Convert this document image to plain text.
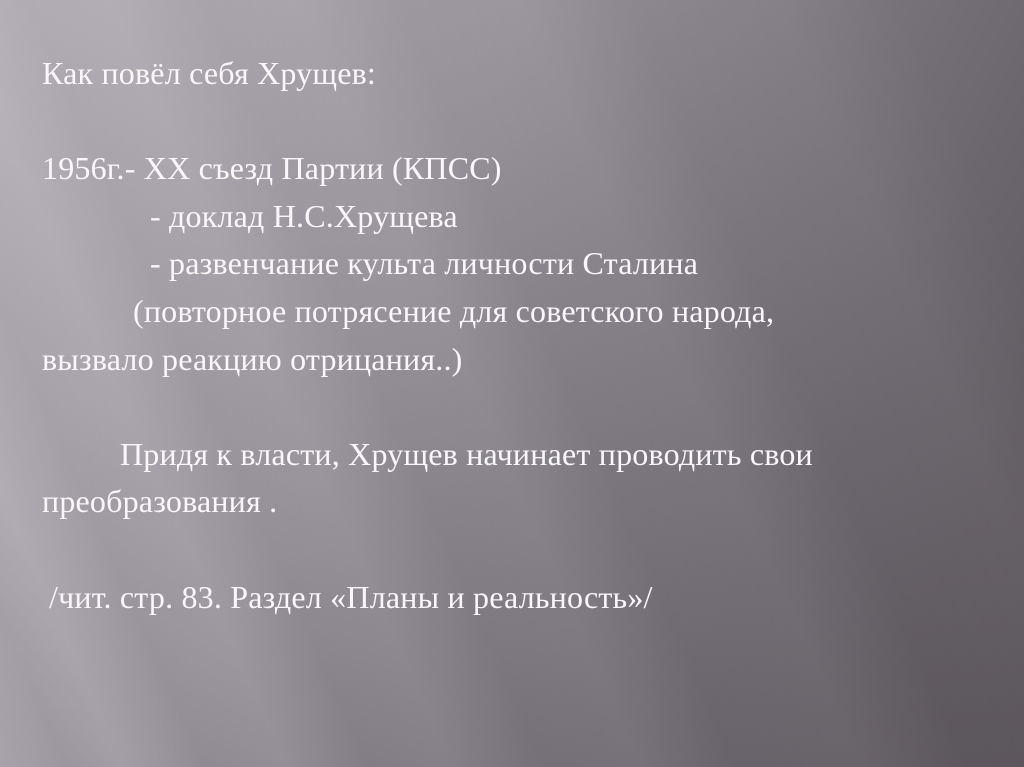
Как повёл себя Хрущев:
1956г.- XX съезд Партии (КПСС)
- доклад Н.С.Хрущева
- развенчание культа личности Сталина
(повторное потрясение для советского народа,
вызвало реакцию отрицания..)
Придя к власти, Хрущев начинает проводить свои
преобразования .
/чит. стр. 83. Раздел «Планы и реальность»/
